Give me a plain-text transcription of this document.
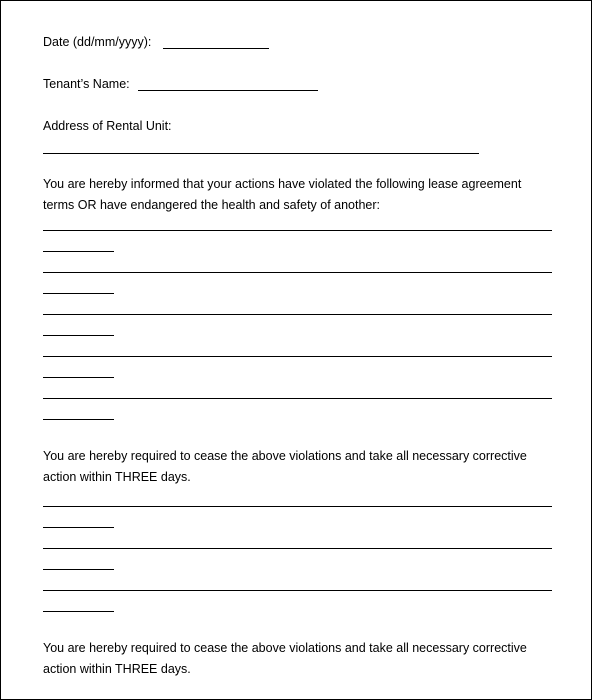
Date (dd/mm/yyyy):
Tenant’s Name:
Address of Rental Unit:
You are hereby informed that your actions have violated the following lease agreement
terms OR have endangered the health and safety of another:
You are hereby required to cease the above violations and take all necessary corrective
action within THREE days.
You are hereby required to cease the above violations and take all necessary corrective
action within THREE days.
